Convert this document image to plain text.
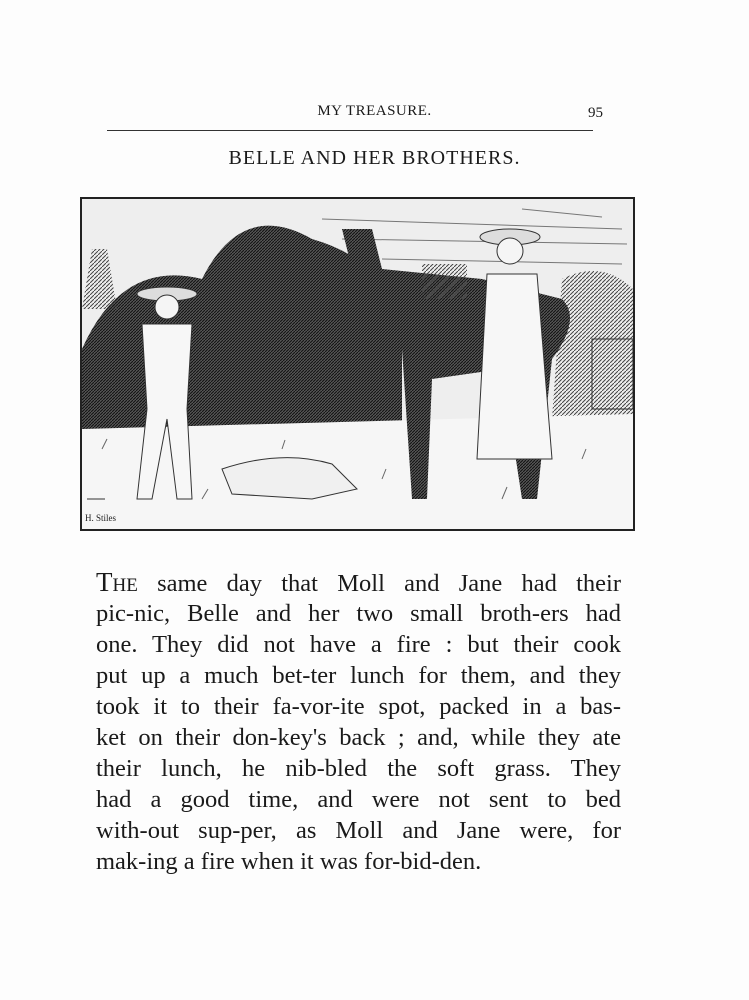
MY TREASURE.	95
BELLE AND HER BROTHERS.
H. Stiles
THE same day that Moll and Jane had their
pic-nic, Belle and her two small broth-ers had
one. They did not have a fire : but their cook
put up a much bet-ter lunch for them, and they
took it to their fa-vor-ite spot, packed in a bas-
ket on their don-key's back ; and, while they ate
their lunch, he nib-bled the soft grass. They
had a good time, and were not sent to bed
with-out sup-per, as Moll and Jane were, for
mak-ing a fire when it was for-bid-den.
